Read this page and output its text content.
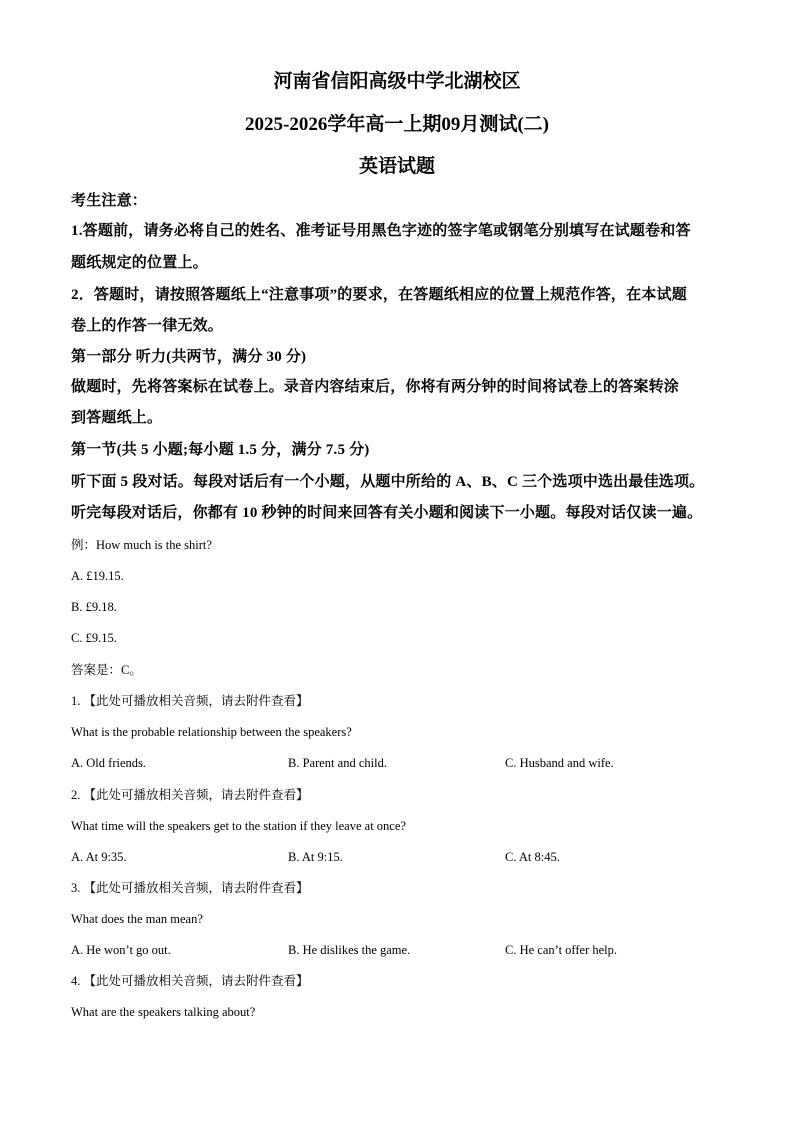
河南省信阳高级中学北湖校区
2025-2026学年高一上期09月测试(二)
英语试题
考生注意：
1.答题前，请务必将自己的姓名、准考证号用黑色字迹的签字笔或钢笔分别填写在试题卷和答
题纸规定的位置上。
2．答题时，请按照答题纸上“注意事项”的要求，在答题纸相应的位置上规范作答，在本试题
卷上的作答一律无效。
第一部分 听力(共两节，满分 30 分)
做题时，先将答案标在试卷上。录音内容结束后，你将有两分钟的时间将试卷上的答案转涂
到答题纸上。
第一节(共 5 小题;每小题 1.5 分，满分 7.5 分)
听下面 5 段对话。每段对话后有一个小题，从题中所给的 A、B、C 三个选项中选出最佳选项。
听完每段对话后，你都有 10 秒钟的时间来回答有关小题和阅读下一小题。每段对话仅读一遍。
例：How much is the shirt?
A. £19.15.
B. £9.18.
C. £9.15.
答案是：C。
1. 【此处可播放相关音频，请去附件查看】
What is the probable relationship between the speakers?
A. Old friends.	B. Parent and child.	C. Husband and wife.
2. 【此处可播放相关音频，请去附件查看】
What time will the speakers get to the station if they leave at once?
A. At 9:35.	B. At 9:15.	C. At 8:45.
3. 【此处可播放相关音频，请去附件查看】
What does the man mean?
A. He won’t go out.	B. He dislikes the game.	C. He can’t offer help.
4. 【此处可播放相关音频，请去附件查看】
What are the speakers talking about?
